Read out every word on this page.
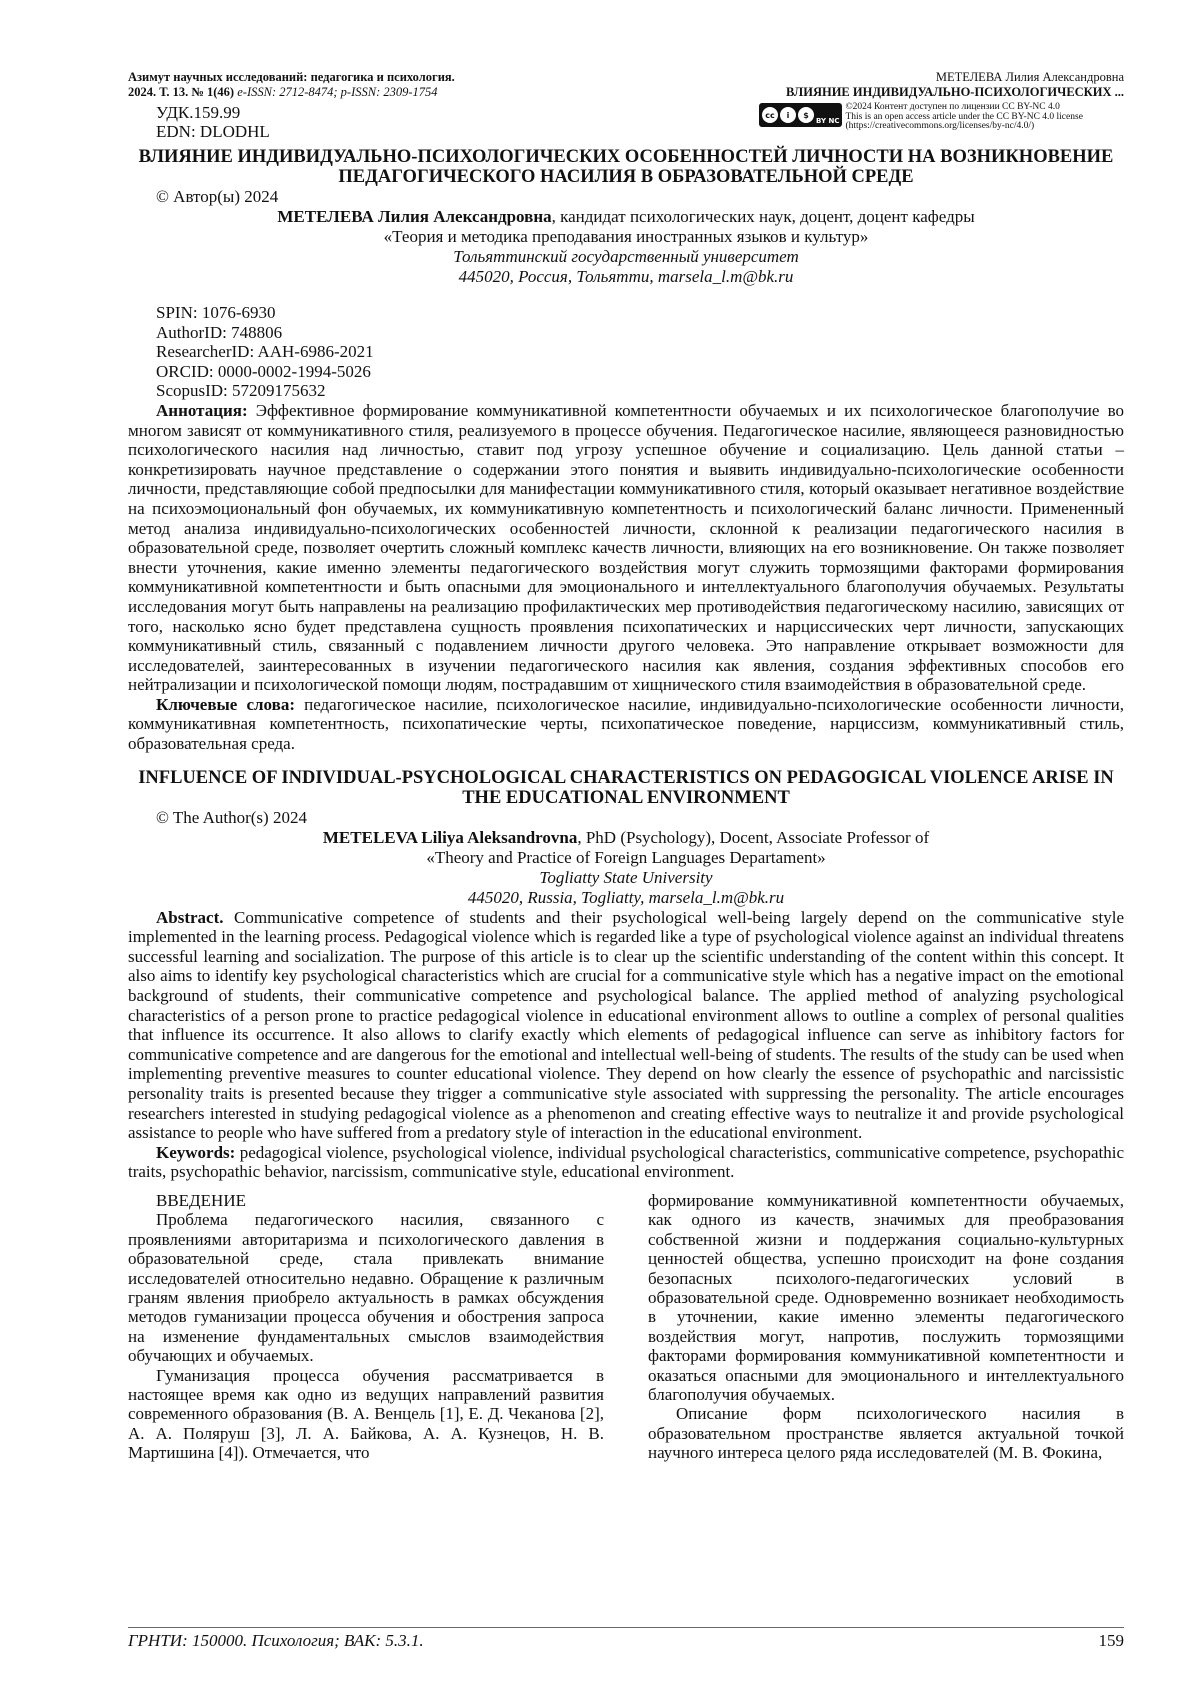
Азимут научных исследований: педагогика и психология.
2024. Т. 13. № 1(46) e-ISSN: 2712-8474; p-ISSN: 2309-1754
МЕТЕЛЕВА Лилия Александровна
ВЛИЯНИЕ ИНДИВИДУАЛЬНО-ПСИХОЛОГИЧЕСКИХ ...
УДК.159.99
EDN: DLODHL
cc	i	$
BY NC
©2024 Контент доступен по лицензии CC BY-NC 4.0
This is an open access article under the CC BY-NC 4.0 license
(https://creativecommons.org/licenses/by-nc/4.0/)
ВЛИЯНИЕ ИНДИВИДУАЛЬНО-ПСИХОЛОГИЧЕСКИХ ОСОБЕННОСТЕЙ ЛИЧНОСТИ НА ВОЗНИКНОВЕНИЕ ПЕДАГОГИЧЕСКОГО НАСИЛИЯ В ОБРАЗОВАТЕЛЬНОЙ СРЕДЕ
© Автор(ы) 2024
МЕТЕЛЕВА Лилия Александровна, кандидат психологических наук, доцент, доцент кафедры
«Теория и методика преподавания иностранных языков и культур»
Тольяттинский государственный университет
445020, Россия, Тольятти, marsela_l.m@bk.ru
SPIN: 1076-6930
AuthorID: 748806
ResearcherID: AAH-6986-2021
ORCID: 0000-0002-1994-5026
ScopusID: 57209175632

Аннотация: Эффективное формирование коммуникативной компетентности обучаемых и их психологическое благополучие во многом зависят от коммуникативного стиля, реализуемого в процессе обучения. Педагогическое насилие, являющееся разновидностью психологического насилия над личностью, ставит под угрозу успешное обучение и социализацию. Цель данной статьи – конкретизировать научное представление о содержании этого понятия и выявить индивидуально-психологические особенности личности, представляющие собой предпосылки для манифестации коммуникативного стиля, который оказывает негативное воздействие на психоэмоциональный фон обучаемых, их коммуникативную компетентность и психологический баланс личности. Примененный метод анализа индивидуально-психологических особенностей личности, склонной к реализации педагогического насилия в образовательной среде, позволяет очертить сложный комплекс качеств личности, влияющих на его возникновение. Он также позволяет внести уточнения, какие именно элементы педагогического воздействия могут служить тормозящими факторами формирования коммуникативной компетентности и быть опасными для эмоционального и интеллектуального благополучия обучаемых. Результаты исследования могут быть направлены на реализацию профилактических мер противодействия педагогическому насилию, зависящих от того, насколько ясно будет представлена сущность проявления психопатических и нарциссических черт личности, запускающих коммуникативный стиль, связанный с подавлением личности другого человека. Это направление открывает возможности для исследователей, заинтересованных в изучении педагогического насилия как явления, создания эффективных способов его нейтрализации и психологической помощи людям, пострадавшим от хищнического стиля взаимодействия в образовательной среде.

Ключевые слова: педагогическое насилие, психологическое насилие, индивидуально-психологические особенности личности, коммуникативная компетентность, психопатические черты, психопатическое поведение, нарциссизм, коммуникативный стиль, образовательная среда.

INFLUENCE OF INDIVIDUAL-PSYCHOLOGICAL CHARACTERISTICS ON PEDAGOGICAL VIOLENCE ARISE IN THE EDUCATIONAL ENVIRONMENT
© The Author(s) 2024
METELEVA Liliya Aleksandrovna, PhD (Psychology), Docent, Associate Professor of
«Theory and Practice of Foreign Languages Departament»
Togliatty State University
445020, Russia, Togliatty, marsela_l.m@bk.ru

Abstract. Communicative competence of students and their psychological well-being largely depend on the communicative style implemented in the learning process. Pedagogical violence which is regarded like a type of psychological violence against an individual threatens successful learning and socialization. The purpose of this article is to clear up the scientific understanding of the content within this concept. It also aims to identify key psychological characteristics which are crucial for a communicative style which has a negative impact on the emotional background of students, their communicative competence and psychological balance. The applied method of analyzing psychological characteristics of a person prone to practice pedagogical violence in educational environment allows to outline a complex of personal qualities that influence its occurrence. It also allows to clarify exactly which elements of pedagogical influence can serve as inhibitory factors for communicative competence and are dangerous for the emotional and intellectual well-being of students. The results of the study can be used when implementing preventive measures to counter educational violence. They depend on how clearly the essence of psychopathic and narcissistic personality traits is presented because they trigger a communicative style associated with suppressing the personality. The article encourages researchers interested in studying pedagogical violence as a phenomenon and creating effective ways to neutralize it and provide psychological assistance to people who have suffered from a predatory style of interaction in the educational environment.

Keywords: pedagogical violence, psychological violence, individual psychological characteristics, communicative competence, psychopathic traits, psychopathic behavior, narcissism, communicative style, educational environment.

ВВЕДЕНИЕ

Проблема педагогического насилия, связанного с проявлениями авторитаризма и психологического давления в образовательной среде, стала привлекать внимание исследователей относительно недавно. Обращение к различным граням явления приобрело актуальность в рамках обсуждения методов гуманизации процесса обучения и обострения запроса на изменение фундаментальных смыслов взаимодействия обучающих и обучаемых.

Гуманизация процесса обучения рассматривается в настоящее время как одно из ведущих направлений развития современного образования (В. А. Венцель [1], Е. Д. Чеканова [2], А. А. Поляруш [3], Л. А. Байкова, А. А. Кузнецов, Н. В. Мартишина [4]). Отмечается, что

формирование коммуникативной компетентности обучаемых, как одного из качеств, значимых для преобразования собственной жизни и поддержания социально-культурных ценностей общества, успешно происходит на фоне создания безопасных психолого-педагогических условий в образовательной среде. Одновременно возникает необходимость в уточнении, какие именно элементы педагогического воздействия могут, напротив, послужить тормозящими факторами формирования коммуникативной компетентности и оказаться опасными для эмоционального и интеллектуального благополучия обучаемых.

Описание форм психологического насилия в образовательном пространстве является актуальной точкой научного интереса целого ряда исследователей (М. В. Фокина,

ГРНТИ: 150000. Психология; ВАК: 5.3.1.	159
